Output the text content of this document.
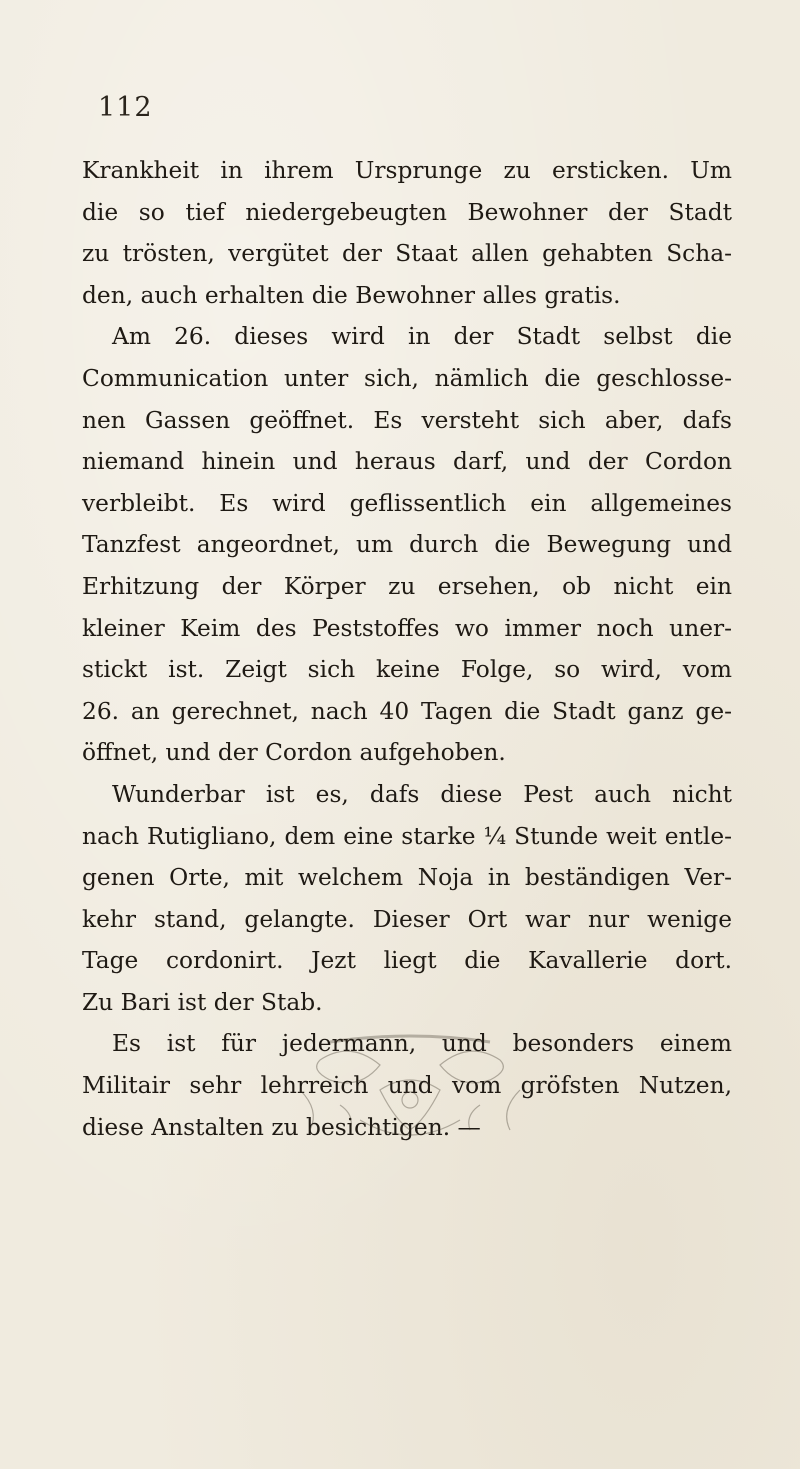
112
Krankheit in ihrem Ursprunge zu ersticken. Um
die so tief niedergebeugten Bewohner der Stadt
zu trösten, vergütet der Staat allen gehabten Scha-
den, auch erhalten die Bewohner alles gratis.
Am 26. dieses wird in der Stadt selbst die
Communication unter sich, nämlich die geschlosse-
nen Gassen geöffnet. Es versteht sich aber, dafs
niemand hinein und heraus darf, und der Cordon
verbleibt. Es wird geflissentlich ein allgemeines
Tanzfest angeordnet, um durch die Bewegung und
Erhitzung der Körper zu ersehen, ob nicht ein
kleiner Keim des Peststoffes wo immer noch uner-
stickt ist. Zeigt sich keine Folge, so wird, vom
26. an gerechnet, nach 40 Tagen die Stadt ganz ge-
öffnet, und der Cordon aufgehoben.
Wunderbar ist es, dafs diese Pest auch nicht
nach Rutigliano, dem eine starke ¼ Stunde weit entle-
genen Orte, mit welchem Noja in beständigen Ver-
kehr stand, gelangte. Dieser Ort war nur wenige
Tage cordonirt. Jezt liegt die Kavallerie dort.
Zu Bari ist der Stab.
Es ist für jedermann, und besonders einem
Militair sehr lehrreich und vom gröfsten Nutzen,
diese Anstalten zu besichtigen. —
